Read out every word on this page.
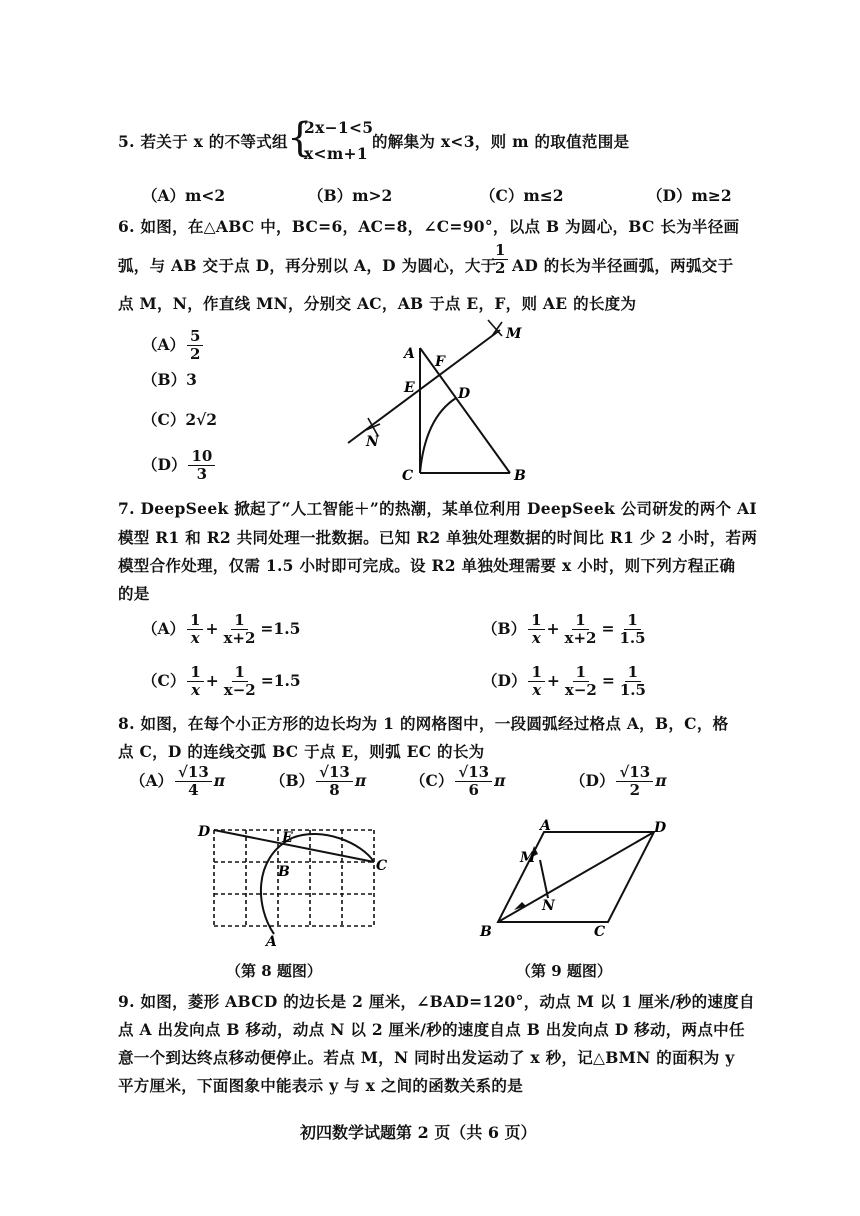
5. 若关于 x 的不等式组 {
2x−1<5
x<m+1
的解集为 x<3，则 m 的取值范围是
（A）m<2	（B）m>2	（C）m≤2	（D）m≥2
6. 如图，在△ABC 中，BC=6，AC=8，∠C=90°，以点 B 为圆心，BC 长为半径画
弧，与 AB 交于点 D，再分别以 A，D 为圆心，大于
$\frac{1}{2}$ AD 的长为半径画弧，两弧交于
点 M，N，作直线 MN，分别交 AC，AB 于点 E，F，则 AE 的长度为
$(A) \frac{5}{2}$
（B）3
（C）2√2
$(D) \frac{10}{3}$
A
B
C
D
E
F
M
N
7. DeepSeek 掀起了“人工智能＋”的热潮，某单位利用 DeepSeek 公司研发的两个 AI
模型 R1 和 R2 共同处理一批数据。已知 R2 单独处理数据的时间比 R1 少 2 小时，若两
模型合作处理，仅需 1.5 小时即可完成。设 R2 单独处理需要 x 小时，则下列方程正确
的是
$(A) \frac{1}{x} + \frac{1}{x+2} =1.5$	$(B) \frac{1}{x} + \frac{1}{x+2} = \frac{1}{1.5}$
$(C) \frac{1}{x} + \frac{1}{x-2} =1.5$	$(D) \frac{1}{x} + \frac{1}{x-2} = \frac{1}{1.5}$
8. 如图，在每个小正方形的边长均为 1 的网格图中，一段圆弧经过格点 A，B，C，格
点 C，D 的连线交弧 BC 于点 E，则弧 EC 的长为
$(A) \frac{√13}{4}$ π	$(B) \frac{√13}{8}$ π	$(C) \frac{√13}{6}$ π	$(D) \frac{√13}{2}$ π
D
C
E
B
A
A	D
B	C
M
N
（第 8 题图）	（第 9 题图）
9. 如图，菱形 ABCD 的边长是 2 厘米，∠BAD=120°，动点 M 以 1 厘米/秒的速度自
点 A 出发向点 B 移动，动点 N 以 2 厘米/秒的速度自点 B 出发向点 D 移动，两点中任
意一个到达终点移动便停止。若点 M，N 同时出发运动了 x 秒，记△BMN 的面积为 y
平方厘米，下面图象中能表示 y 与 x 之间的函数关系的是
初四数学试题第 2 页（共 6 页）
